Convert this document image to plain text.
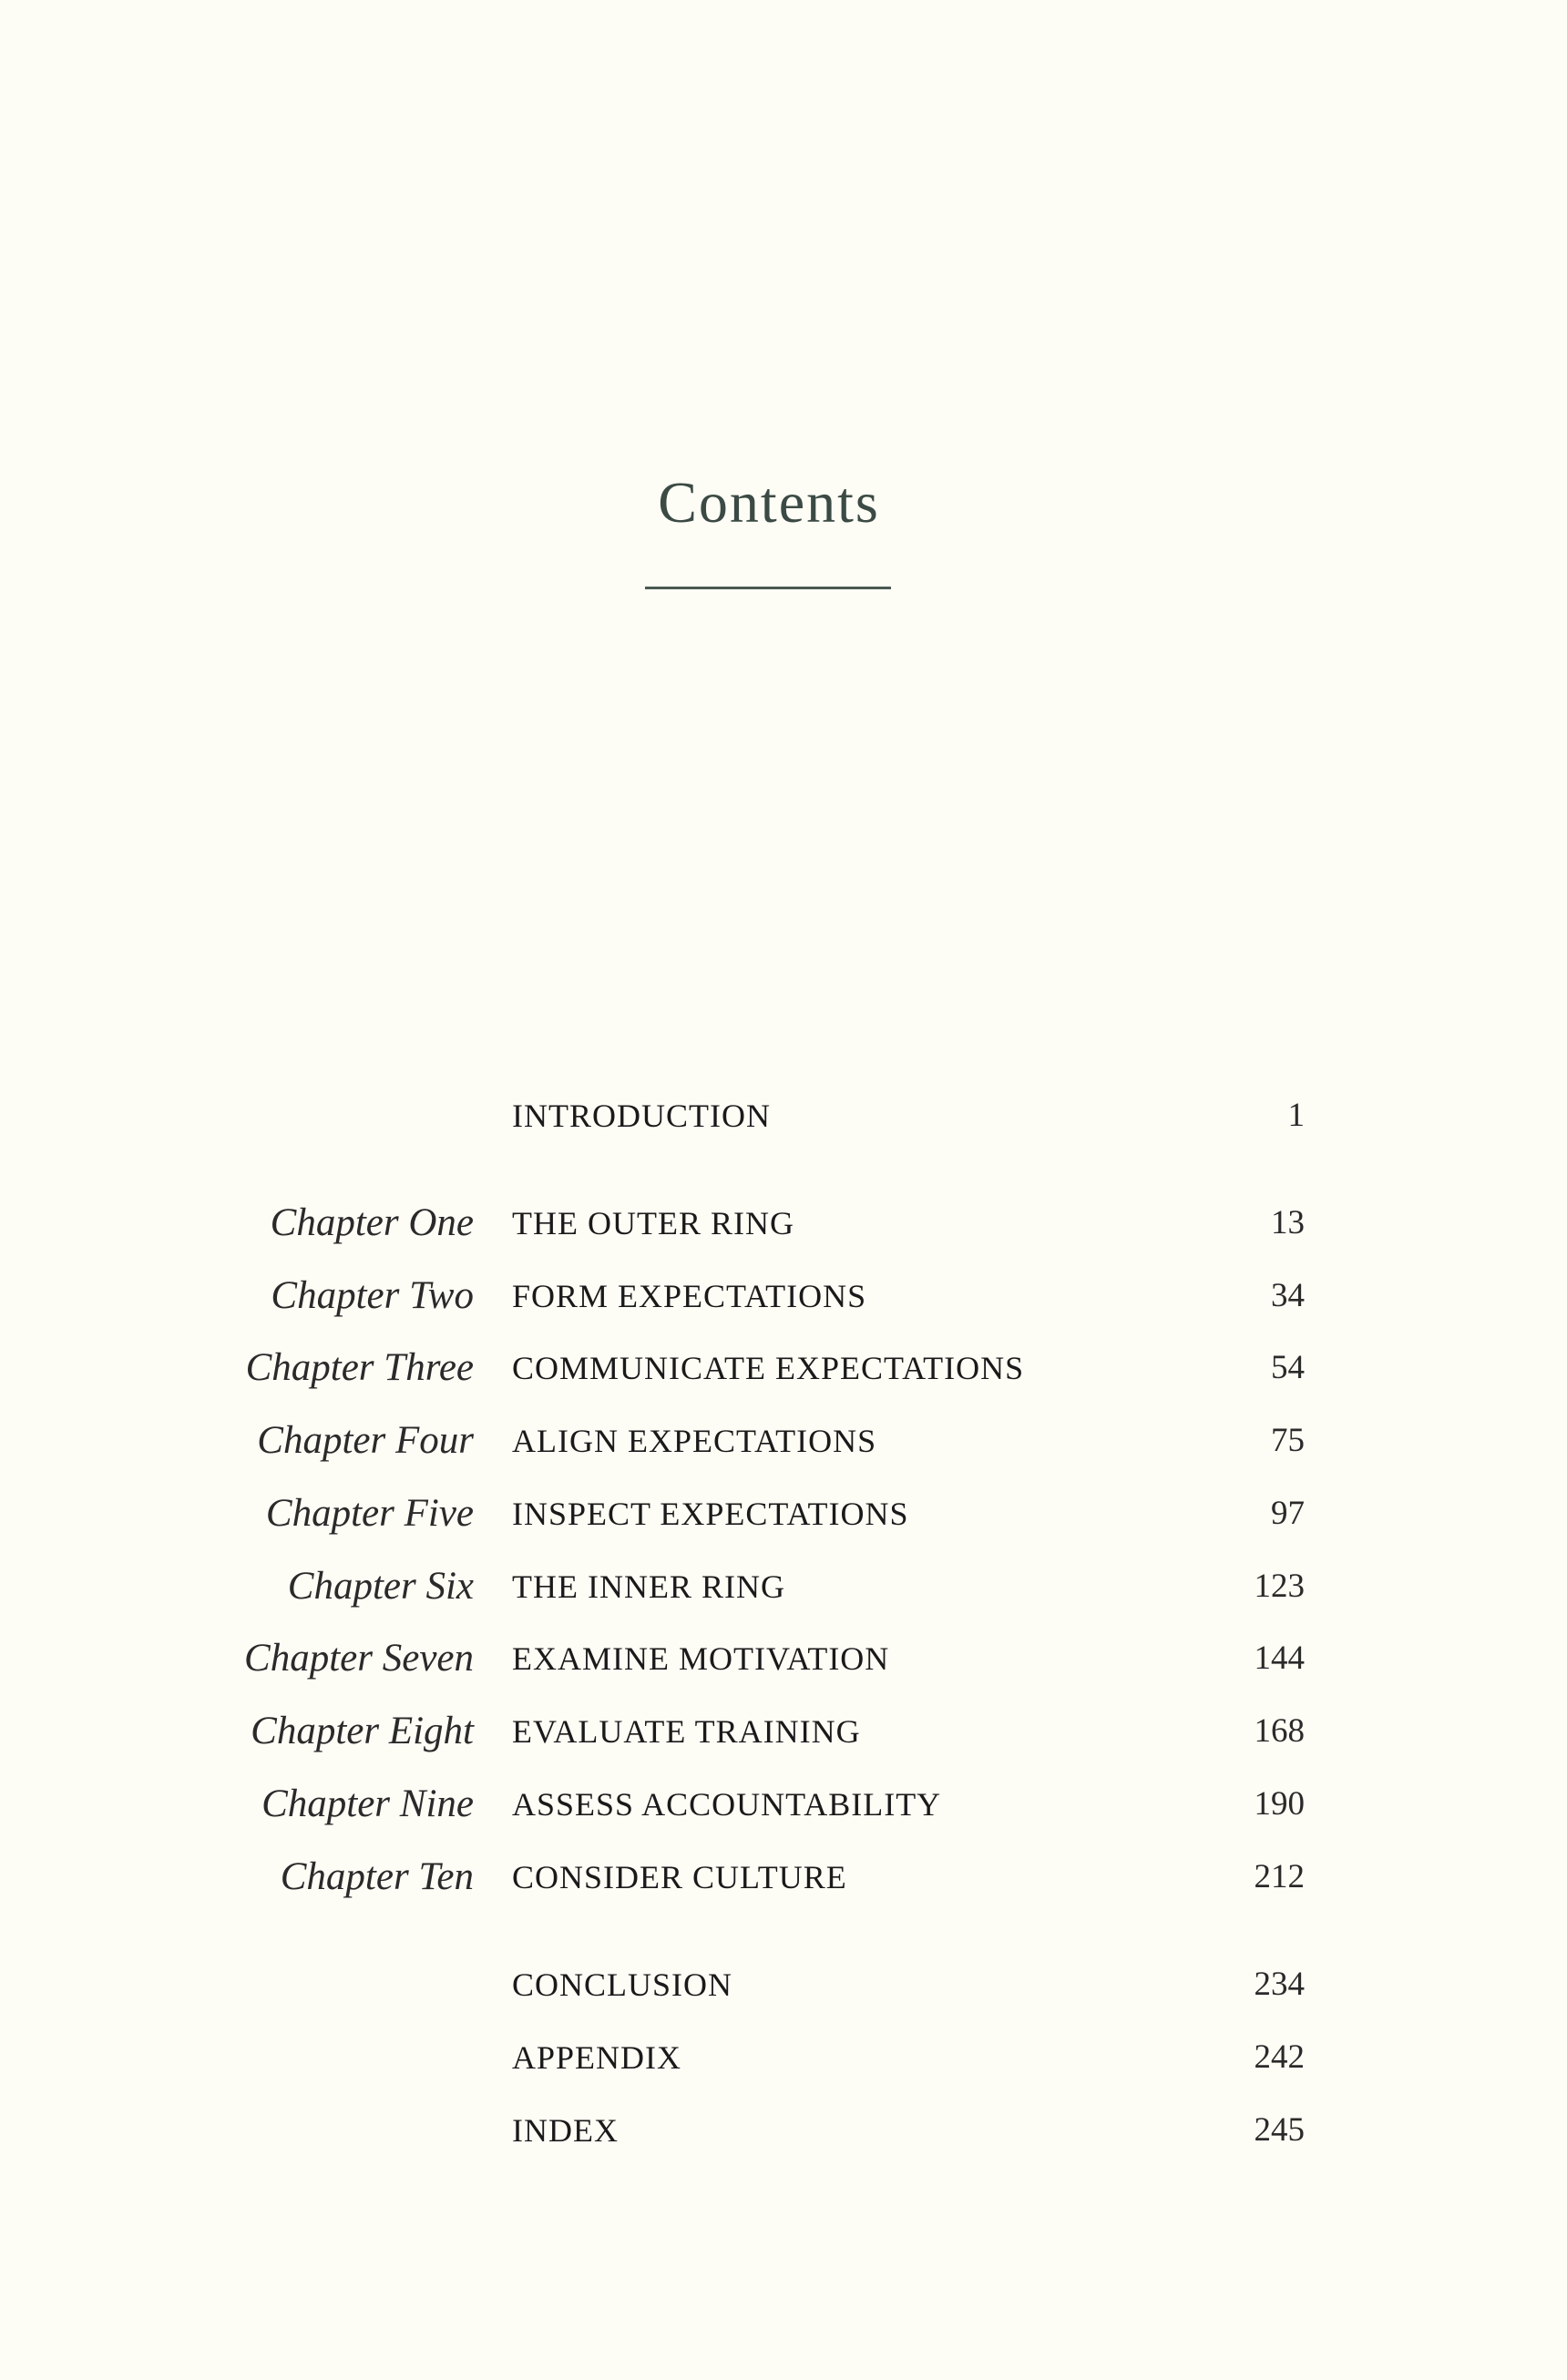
Contents
INTRODUCTION	1
Chapter One THE OUTER RING	13
Chapter Two FORM EXPECTATIONS	34
Chapter Three COMMUNICATE EXPECTATIONS	54
Chapter Four ALIGN EXPECTATIONS	75
Chapter Five INSPECT EXPECTATIONS	97
Chapter Six THE INNER RING	123
Chapter Seven EXAMINE MOTIVATION	144
Chapter Eight EVALUATE TRAINING	168
Chapter Nine ASSESS ACCOUNTABILITY	190
Chapter Ten CONSIDER CULTURE	212
CONCLUSION	234
APPENDIX	242
INDEX	245
